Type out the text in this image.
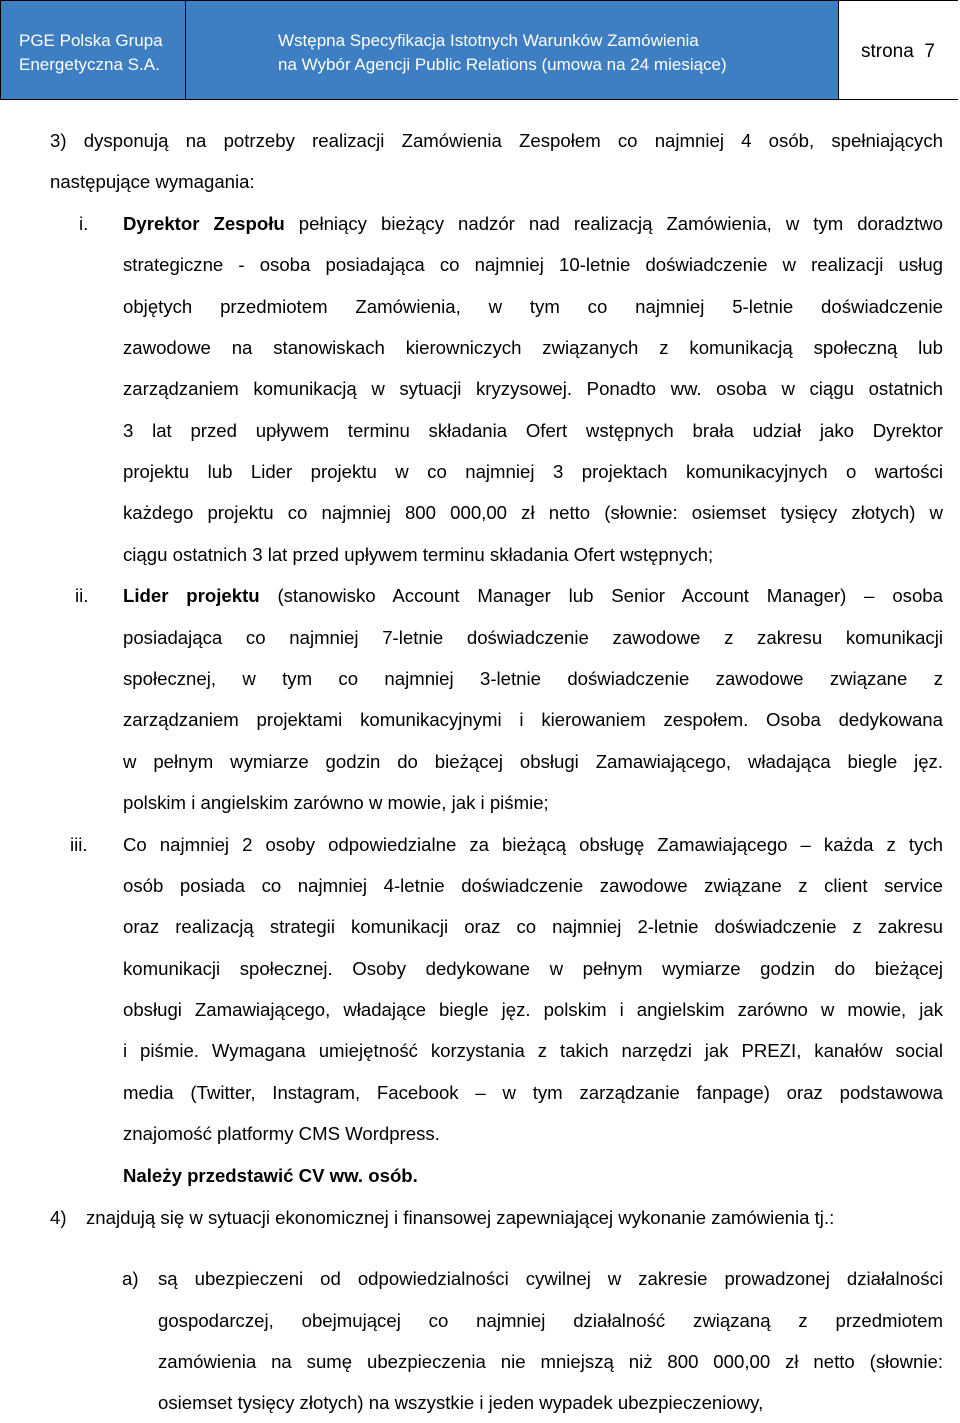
PGE Polska Grupa
Energetyczna S.A.
Wstępna Specyfikacja Istotnych Warunków Zamówienia
na Wybór Agencji Public Relations (umowa na 24 miesiące)
strona  7
3) dysponują na potrzeby realizacji Zamówienia Zespołem co najmniej 4 osób, spełniających
następujące wymagania:
i. Dyrektor Zespołu pełniący bieżący nadzór nad realizacją Zamówienia, w tym doradztwo
strategiczne - osoba posiadająca co najmniej 10-letnie doświadczenie w realizacji usług
objętych przedmiotem Zamówienia, w tym co najmniej 5-letnie doświadczenie
zawodowe na stanowiskach kierowniczych związanych z komunikacją społeczną lub
zarządzaniem komunikacją w sytuacji kryzysowej. Ponadto ww. osoba w ciągu ostatnich
3 lat przed upływem terminu składania Ofert wstępnych brała udział jako Dyrektor
projektu lub Lider projektu w co najmniej 3 projektach komunikacyjnych o wartości
każdego projektu co najmniej 800 000,00 zł netto (słownie: osiemset tysięcy złotych) w
ciągu ostatnich 3 lat przed upływem terminu składania Ofert wstępnych;
ii. Lider projektu (stanowisko Account Manager lub Senior Account Manager) – osoba
posiadająca co najmniej 7-letnie doświadczenie zawodowe z zakresu komunikacji
społecznej, w tym co najmniej 3-letnie doświadczenie zawodowe związane z
zarządzaniem projektami komunikacyjnymi i kierowaniem zespołem. Osoba dedykowana
w pełnym wymiarze godzin do bieżącej obsługi Zamawiającego, władająca biegle jęz.
polskim i angielskim zarówno w mowie, jak i piśmie;
iii. Co najmniej 2 osoby odpowiedzialne za bieżącą obsługę Zamawiającego – każda z tych
osób posiada co najmniej 4-letnie doświadczenie zawodowe związane z client service
oraz realizacją strategii komunikacji oraz co najmniej 2-letnie doświadczenie z zakresu
komunikacji społecznej. Osoby dedykowane w pełnym wymiarze godzin do bieżącej
obsługi Zamawiającego, władające biegle jęz. polskim i angielskim zarówno w mowie, jak
i piśmie. Wymagana umiejętność korzystania z takich narzędzi jak PREZI, kanałów social
media (Twitter, Instagram, Facebook – w tym zarządzanie fanpage) oraz podstawowa
znajomość platformy CMS Wordpress.
Należy przedstawić CV ww. osób.
4) znajdują się w sytuacji ekonomicznej i finansowej zapewniającej wykonanie zamówienia tj.:
a) są ubezpieczeni od odpowiedzialności cywilnej w zakresie prowadzonej działalności
gospodarczej, obejmującej co najmniej działalność związaną z przedmiotem
zamówienia na sumę ubezpieczenia nie mniejszą niż 800 000,00 zł netto (słownie:
osiemset tysięcy złotych) na wszystkie i jeden wypadek ubezpieczeniowy,
